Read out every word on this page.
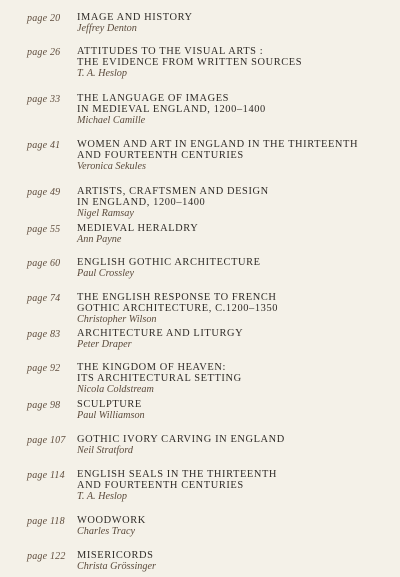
page 20 IMAGE AND HISTORY
Jeffrey Denton
page 26 ATTITUDES TO THE VISUAL ARTS :
THE EVIDENCE FROM WRITTEN SOURCES
T. A. Heslop
page 33 THE LANGUAGE OF IMAGES
IN MEDIEVAL ENGLAND, 1200–1400
Michael Camille
page 41 WOMEN AND ART IN ENGLAND IN THE THIRTEENTH
AND FOURTEENTH CENTURIES
Veronica Sekules
page 49 ARTISTS, CRAFTSMEN AND DESIGN
IN ENGLAND, 1200–1400
Nigel Ramsay
page 55 MEDIEVAL HERALDRY
Ann Payne
page 60 ENGLISH GOTHIC ARCHITECTURE
Paul Crossley
page 74 THE ENGLISH RESPONSE TO FRENCH
GOTHIC ARCHITECTURE, C.1200–1350
Christopher Wilson
page 83 ARCHITECTURE AND LITURGY
Peter Draper
page 92 THE KINGDOM OF HEAVEN:
ITS ARCHITECTURAL SETTING
Nicola Coldstream
page 98 SCULPTURE
Paul Williamson
page 107 GOTHIC IVORY CARVING IN ENGLAND
Neil Stratford
page 114 ENGLISH SEALS IN THE THIRTEENTH
AND FOURTEENTH CENTURIES
T. A. Heslop
page 118 WOODWORK
Charles Tracy
page 122 MISERICORDS
Christa Grössinger
